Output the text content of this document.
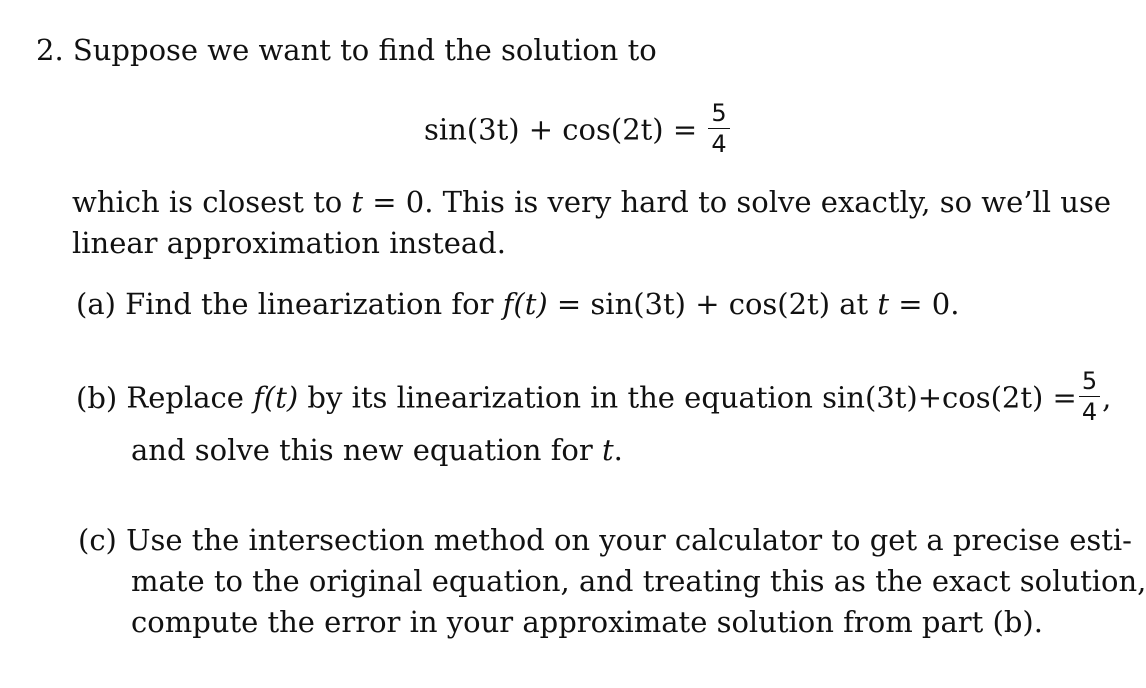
2. Suppose we want to find the solution to
$\sin(3t) + \cos(2t) = \frac{5}{4}$
which is closest to t = 0. This is very hard to solve exactly, so we’ll use
linear approximation instead.
(a) Find the linearization for f(t) = sin(3t) + cos(2t) at t = 0.
(b) Replace f(t) by its linearization in the equation $\sin(3t)+\cos(2t) = \frac{5}{4}$ ,
and solve this new equation for t.
(c) Use the intersection method on your calculator to get a precise esti-
mate to the original equation, and treating this as the exact solution,
compute the error in your approximate solution from part (b).
